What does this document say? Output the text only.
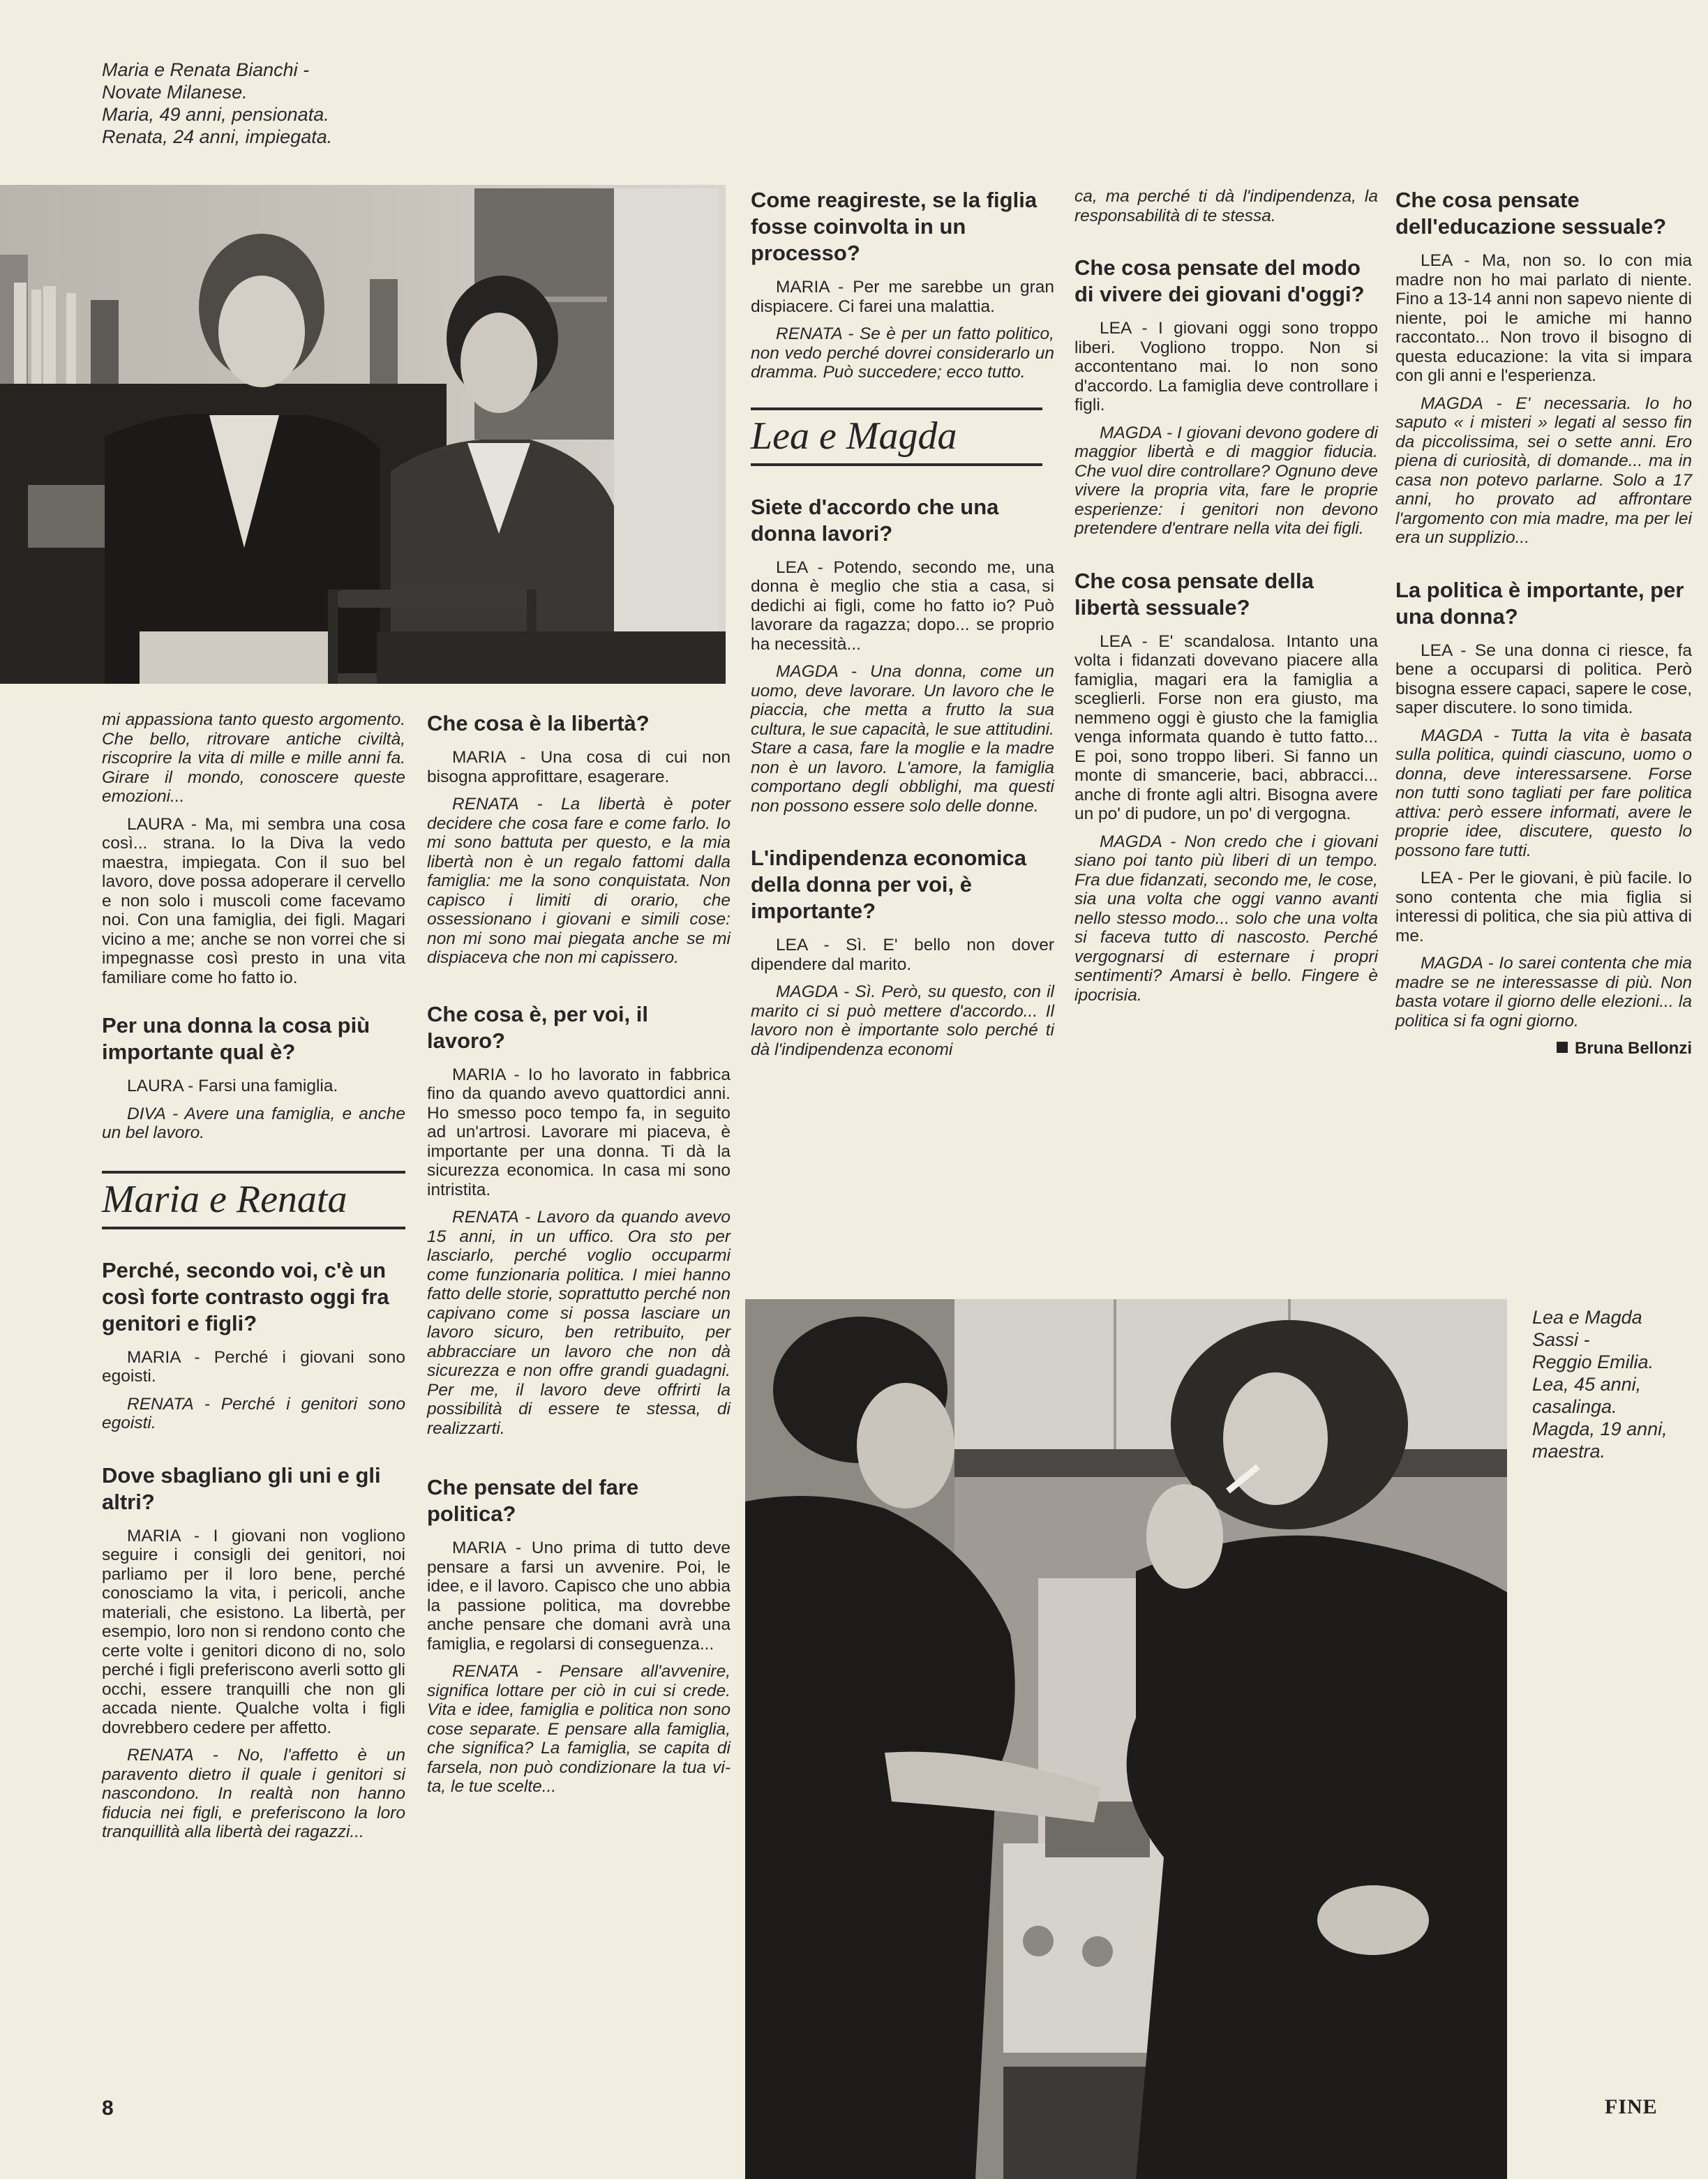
Maria e Renata Bianchi -
Novate Milanese.
Maria, 49 anni, pensionata.
Renata, 24 anni, impiegata.

mi appassiona tanto questo argomento. Che bello, ritrovare antiche civiltà, riscoprire la vita di mille e mille anni fa. Girare il mondo, conoscere queste emozioni...

LAURA - Ma, mi sembra una cosa così... strana. Io la Diva la vedo maestra, impiegata. Con il suo bel lavoro, dove possa adoperare il cervello e non solo i muscoli come facevamo noi. Con una famiglia, dei figli. Magari vicino a me; anche se non vorrei che si impegnasse così presto in una vita familiare come ho fatto io.

Per una donna la cosa più importante qual è?

LAURA - Farsi una famiglia.

DIVA - Avere una famiglia, e anche un bel lavoro.

Maria e Renata
Perché, secondo voi, c'è un così forte contrasto oggi fra genitori e figli?

MARIA - Perché i giovani sono egoisti.

RENATA - Perché i genitori sono egoisti.

Dove sbagliano gli uni e gli altri?

MARIA - I giovani non vogliono seguire i consigli dei genitori, noi parliamo per il loro bene, perché conosciamo la vita, i pericoli, anche materiali, che esistono. La libertà, per esempio, loro non si rendono conto che certe volte i genitori dicono di no, solo perché i figli preferiscono averli sotto gli occhi, essere tranquilli che non gli accada niente. Qualche volta i figli dovrebbero cedere per affetto.

RENATA - No, l'affetto è un paravento dietro il quale i genitori si nascondono. In realtà non hanno fiducia nei figli, e preferiscono la loro tranquillità alla libertà dei ragazzi...

8
Che cosa è la libertà?

MARIA - Una cosa di cui non bisogna approfittare, esagerare.

RENATA - La libertà è poter decidere che cosa fare e come farlo. Io mi sono battuta per questo, e la mia libertà non è un regalo fattomi dalla famiglia: me la sono conquistata. Non capisco i limiti di orario, che ossessionano i giovani e simili cose: non mi sono mai piegata anche se mi dispiaceva che non mi capissero.

Che cosa è, per voi, il lavoro?

MARIA - Io ho lavorato in fabbrica fino da quando avevo quattordici anni. Ho smesso poco tempo fa, in seguito ad un'artrosi. Lavorare mi piaceva, è importante per una donna. Ti dà la sicurezza economica. In casa mi sono intristita.

RENATA - Lavoro da quando avevo 15 anni, in un uffico. Ora sto per lasciarlo, perché voglio occuparmi come funzionaria politica. I miei hanno fatto delle storie, soprattutto perché non capivano come si possa lasciare un lavoro sicuro, ben retribuito, per abbracciare un lavoro che non dà sicurezza e non offre grandi guadagni. Per me, il lavoro deve offrirti la possibilità di essere te stessa, di realizzarti.

Che pensate del fare politica?

MARIA - Uno prima di tutto deve pensare a farsi un avvenire. Poi, le idee, e il lavoro. Capisco che uno abbia la passione politica, ma dovrebbe anche pensare che domani avrà una famiglia, e regolarsi di conseguenza...

RENATA - Pensare all'avvenire, significa lottare per ciò in cui si crede. Vita e idee, famiglia e politica non sono cose separate. E pensare alla famiglia, che significa? La famiglia, se capita di farsela, non può condizionare la tua vita, le tue scelte...

Come reagireste, se la figlia fosse coinvolta in un processo?

MARIA - Per me sarebbe un gran dispiacere. Ci farei una malattia.

RENATA - Se è per un fatto politico, non vedo perché dovrei considerarlo un dramma. Può succedere; ecco tutto.

Lea e Magda
Siete d'accordo che una donna lavori?

LEA - Potendo, secondo me, una donna è meglio che stia a casa, si dedichi ai figli, come ho fatto io? Può lavorare da ragazza; dopo... se proprio ha necessità...

MAGDA - Una donna, come un uomo, deve lavorare. Un lavoro che le piaccia, che metta a frutto la sua cultura, le sue capacità, le sue attitudini. Stare a casa, fare la moglie e la madre non è un lavoro. L'amore, la famiglia comportano degli obblighi, ma questi non possono essere solo delle donne.

L'indipendenza economica della donna per voi, è importante?

LEA - Sì. E' bello non dover dipendere dal marito.

MAGDA - Sì. Però, su questo, con il marito ci si può mettere d'accordo... Il lavoro non è importante solo perché ti dà l'indipendenza economi

ca, ma perché ti dà l'indipendenza, la responsabilità di te stessa.

Che cosa pensate del modo di vivere dei giovani d'oggi?

LEA - I giovani oggi sono troppo liberi. Vogliono troppo. Non si accontentano mai. Io non sono d'accordo. La famiglia deve controllare i figli.

MAGDA - I giovani devono godere di maggior libertà e di maggior fiducia. Che vuol dire controllare? Ognuno deve vivere la propria vita, fare le proprie esperienze: i genitori non devono pretendere d'entrare nella vita dei figli.

Che cosa pensate della libertà sessuale?

LEA - E' scandalosa. Intanto una volta i fidanzati dovevano piacere alla famiglia, magari era la famiglia a sceglierli. Forse non era giusto, ma nemmeno oggi è giusto che la famiglia venga informata quando è tutto fatto... E poi, sono troppo liberi. Si fanno un monte di smancerie, baci, abbracci... anche di fronte agli altri. Bisogna avere un po' di pudore, un po' di vergogna.

MAGDA - Non credo che i giovani siano poi tanto più liberi di un tempo. Fra due fidanzati, secondo me, le cose, sia una volta che oggi vanno avanti nello stesso modo... solo che una volta si faceva tutto di nascosto. Perché vergognarsi di esternare i propri sentimenti? Amarsi è bello. Fingere è ipocrisia.

Che cosa pensate dell'educazione sessuale?

LEA - Ma, non so. Io con mia madre non ho mai parlato di niente. Fino a 13-14 anni non sapevo niente di niente, poi le amiche mi hanno raccontato... Non trovo il bisogno di questa educazione: la vita si impara con gli anni e l'esperienza.

MAGDA - E' necessaria. Io ho saputo « i misteri » legati al sesso fin da piccolissima, sei o sette anni. Ero piena di curiosità, di domande... ma in casa non potevo parlarne. Solo a 17 anni, ho provato ad affrontare l'argomento con mia madre, ma per lei era un supplizio...

La politica è importante, per una donna?

LEA - Se una donna ci riesce, fa bene a occuparsi di politica. Però bisogna essere capaci, sapere le cose, saper discutere. Io sono timida.

MAGDA - Tutta la vita è basata sulla politica, quindi ciascuno, uomo o donna, deve interessarsene. Forse non tutti sono tagliati per fare politica attiva: però essere informati, avere le proprie idee, discutere, questo lo possono fare tutti.

LEA - Per le giovani, è più facile. Io sono contenta che mia figlia si interessi di politica, che sia più attiva di me.

MAGDA - Io sarei contenta che mia madre se ne interessasse di più. Non basta votare il giorno delle elezioni... la politica si fa ogni giorno.

Bruna Bellonzi
Lea e Magda
Sassi -
Reggio Emilia.
Lea, 45 anni,
casalinga.
Magda, 19 anni,
maestra.
FINE
